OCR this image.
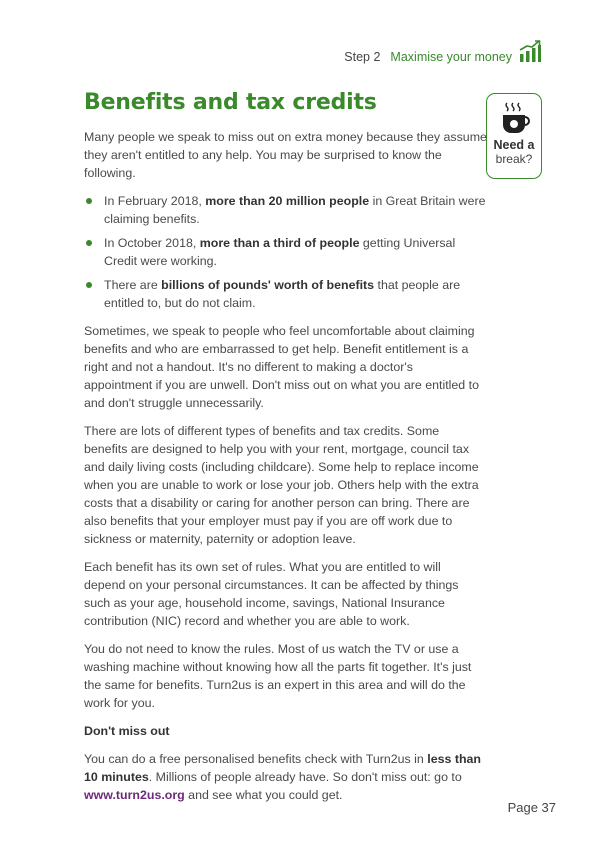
Step 2 Maximise your money
Benefits and tax credits
Need a
break?

Many people we speak to miss out on extra money because they assume they aren't entitled to any help. You may be surprised to know the following.

In February 2018, more than 20 million people in Great Britain were claiming benefits.
In October 2018, more than a third of people getting Universal Credit were working.
There are billions of pounds' worth of benefits that people are entitled to, but do not claim.

Sometimes, we speak to people who feel uncomfortable about claiming benefits and who are embarrassed to get help. Benefit entitlement is a right and not a handout. It's no different to making a doctor's appointment if you are unwell. Don't miss out on what you are entitled to and don't struggle unnecessarily.

There are lots of different types of benefits and tax credits. Some benefits are designed to help you with your rent, mortgage, council tax and daily living costs (including childcare). Some help to replace income when you are unable to work or lose your job. Others help with the extra costs that a disability or caring for another person can bring. There are also benefits that your employer must pay if you are off work due to sickness or maternity, paternity or adoption leave.

Each benefit has its own set of rules. What you are entitled to will depend on your personal circumstances. It can be affected by things such as your age, household income, savings, National Insurance contribution (NIC) record and whether you are able to work.

You do not need to know the rules. Most of us watch the TV or use a washing machine without knowing how all the parts fit together. It's just the same for benefits. Turn2us is an expert in this area and will do the work for you.

Don't miss out

You can do a free personalised benefits check with Turn2us in less than 10 minutes. Millions of people already have. So don't miss out: go to www.turn2us.org and see what you could get.

Page 37
